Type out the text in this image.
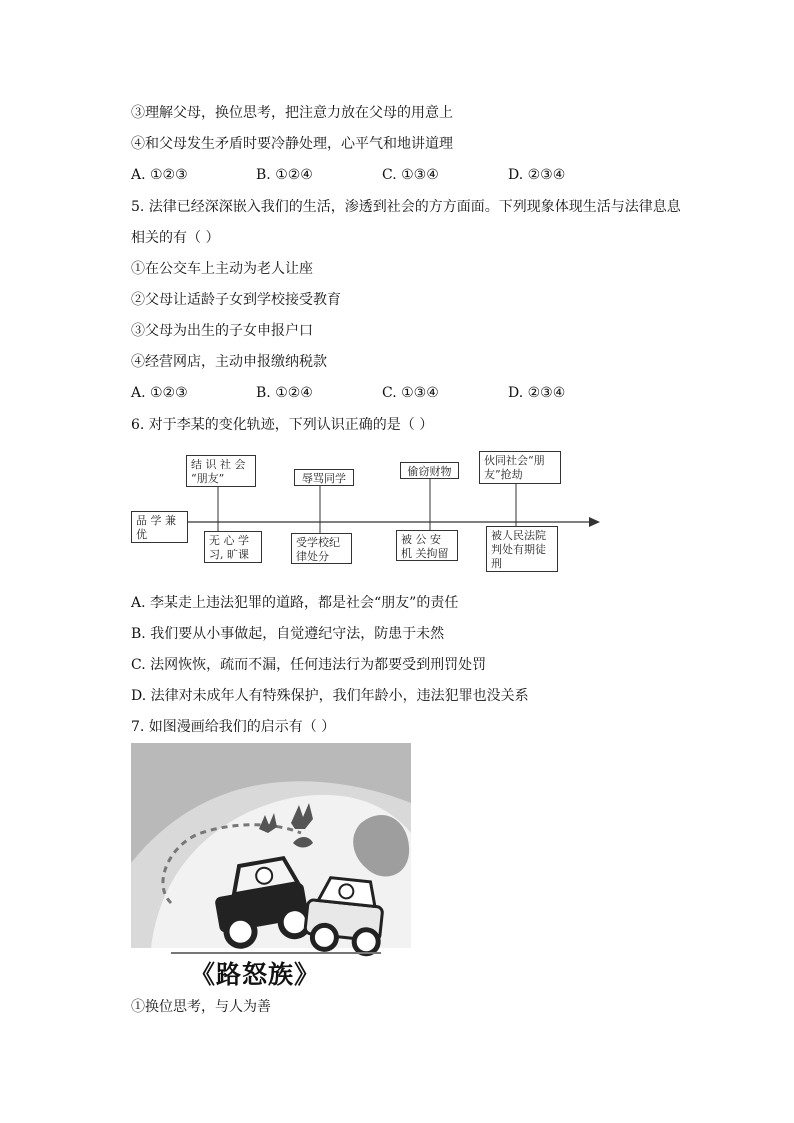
③理解父母，换位思考，把注意力放在父母的用意上
④和父母发生矛盾时要冷静处理，心平气和地讲道理
A. ①②③	B. ①②④	C. ①③④	D. ②③④
5. 法律已经深深嵌入我们的生活，渗透到社会的方方面面。下列现象体现生活与法律息息
相关的有（ ）
①在公交车上主动为老人让座
②父母让适龄子女到学校接受教育
③父母为出生的子女申报户口
④经营网店，主动申报缴纳税款
A. ①②③	B. ①②④	C. ①③④	D. ②③④
6. 对于李某的变化轨迹，下列认识正确的是（ ）
品 学 兼 优
结 识 社 会 “朋友”	辱骂同学
偷窃财物
伙同社会“朋友”抢劫
无 心 学 习, 旷课
受学校纪律处分
被 公 安 机 关拘留
被人民法院判处有期徒刑
A. 李某走上违法犯罪的道路，都是社会“朋友”的责任
B. 我们要从小事做起，自觉遵纪守法，防患于未然
C. 法网恢恢，疏而不漏，任何违法行为都要受到刑罚处罚
D. 法律对未成年人有特殊保护，我们年龄小，违法犯罪也没关系
7. 如图漫画给我们的启示有（ ）
《路怒族》
①换位思考，与人为善
